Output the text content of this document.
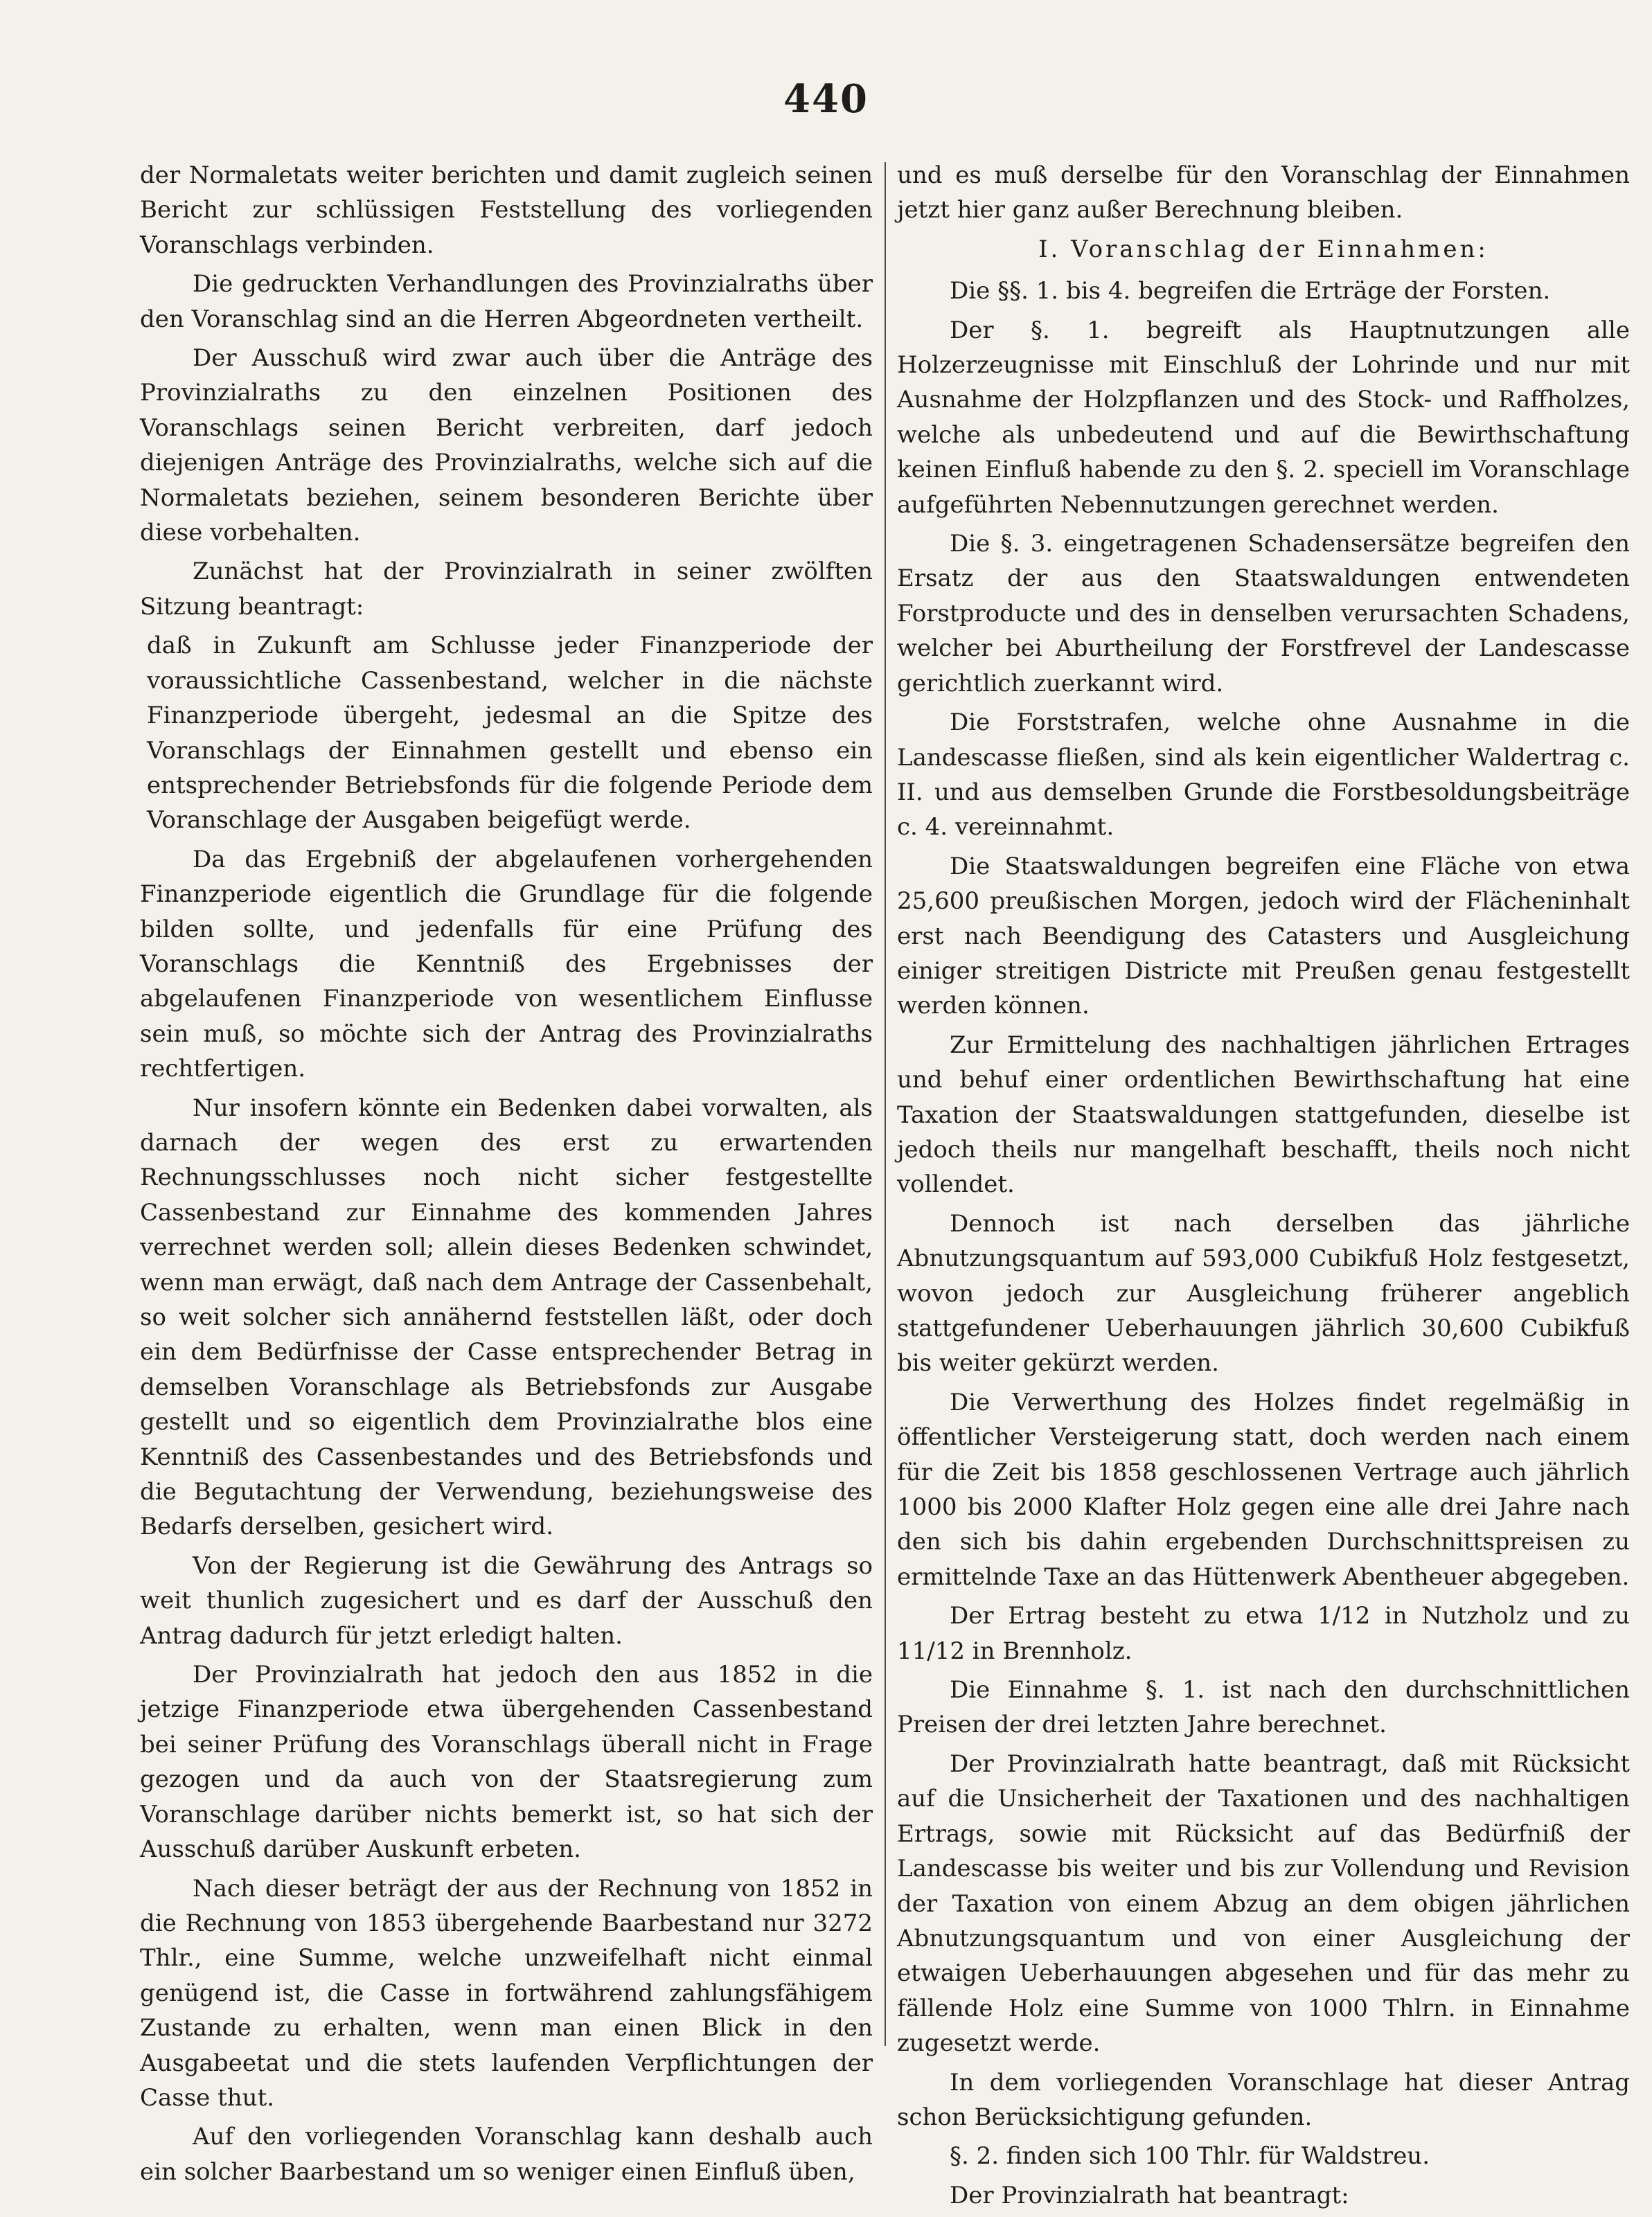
440

der Normaletats weiter berichten und damit zugleich seinen Bericht zur schlüssigen Feststellung des vorliegenden Voranschlags verbinden.

Die gedruckten Verhandlungen des Provinzialraths über den Voranschlag sind an die Herren Abgeordneten vertheilt.

Der Ausschuß wird zwar auch über die Anträge des Provinzialraths zu den einzelnen Positionen des Voranschlags seinen Bericht verbreiten, darf jedoch diejenigen Anträge des Provinzialraths, welche sich auf die Normaletats beziehen, seinem besonderen Berichte über diese vorbehalten.

Zunächst hat der Provinzialrath in seiner zwölften Sitzung beantragt:

daß in Zukunft am Schlusse jeder Finanzperiode der voraussichtliche Cassenbestand, welcher in die nächste Finanzperiode übergeht, jedesmal an die Spitze des Voranschlags der Einnahmen gestellt und ebenso ein entsprechender Betriebsfonds für die folgende Periode dem Voranschlage der Ausgaben beigefügt werde.

Da das Ergebniß der abgelaufenen vorhergehenden Finanzperiode eigentlich die Grundlage für die folgende bilden sollte, und jedenfalls für eine Prüfung des Voranschlags die Kenntniß des Ergebnisses der abgelaufenen Finanzperiode von wesentlichem Einflusse sein muß, so möchte sich der Antrag des Provinzialraths rechtfertigen.

Nur insofern könnte ein Bedenken dabei vorwalten, als darnach der wegen des erst zu erwartenden Rechnungsschlusses noch nicht sicher festgestellte Cassenbestand zur Einnahme des kommenden Jahres verrechnet werden soll; allein dieses Bedenken schwindet, wenn man erwägt, daß nach dem Antrage der Cassenbehalt, so weit solcher sich annähernd feststellen läßt, oder doch ein dem Bedürfnisse der Casse entsprechender Betrag in demselben Voranschlage als Betriebsfonds zur Ausgabe gestellt und so eigentlich dem Provinzialrathe blos eine Kenntniß des Cassenbestandes und des Betriebsfonds und die Begutachtung der Verwendung, beziehungsweise des Bedarfs derselben, gesichert wird.

Von der Regierung ist die Gewährung des Antrags so weit thunlich zugesichert und es darf der Ausschuß den Antrag dadurch für jetzt erledigt halten.

Der Provinzialrath hat jedoch den aus 1852 in die jetzige Finanzperiode etwa übergehenden Cassenbestand bei seiner Prüfung des Voranschlags überall nicht in Frage gezogen und da auch von der Staatsregierung zum Voranschlage darüber nichts bemerkt ist, so hat sich der Ausschuß darüber Auskunft erbeten.

Nach dieser beträgt der aus der Rechnung von 1852 in die Rechnung von 1853 übergehende Baarbestand nur 3272 Thlr., eine Summe, welche unzweifelhaft nicht einmal genügend ist, die Casse in fortwährend zahlungsfähigem Zustande zu erhalten, wenn man einen Blick in den Ausgabeetat und die stets laufenden Verpflichtungen der Casse thut.

Auf den vorliegenden Voranschlag kann deshalb auch ein solcher Baarbestand um so weniger einen Einfluß üben,

und es muß derselbe für den Voranschlag der Einnahmen jetzt hier ganz außer Berechnung bleiben.

I. Voranschlag der Einnahmen:

Die §§. 1. bis 4. begreifen die Erträge der Forsten.

Der §. 1. begreift als Hauptnutzungen alle Holzerzeugnisse mit Einschluß der Lohrinde und nur mit Ausnahme der Holzpflanzen und des Stock- und Raffholzes, welche als unbedeutend und auf die Bewirthschaftung keinen Einfluß habende zu den §. 2. speciell im Voranschlage aufgeführten Nebennutzungen gerechnet werden.

Die §. 3. eingetragenen Schadensersätze begreifen den Ersatz der aus den Staatswaldungen entwendeten Forstproducte und des in denselben verursachten Schadens, welcher bei Aburtheilung der Forstfrevel der Landescasse gerichtlich zuerkannt wird.

Die Forststrafen, welche ohne Ausnahme in die Landescasse fließen, sind als kein eigentlicher Waldertrag c. II. und aus demselben Grunde die Forstbesoldungsbeiträge c. 4. vereinnahmt.

Die Staatswaldungen begreifen eine Fläche von etwa 25,600 preußischen Morgen, jedoch wird der Flächeninhalt erst nach Beendigung des Catasters und Ausgleichung einiger streitigen Districte mit Preußen genau festgestellt werden können.

Zur Ermittelung des nachhaltigen jährlichen Ertrages und behuf einer ordentlichen Bewirthschaftung hat eine Taxation der Staatswaldungen stattgefunden, dieselbe ist jedoch theils nur mangelhaft beschafft, theils noch nicht vollendet.

Dennoch ist nach derselben das jährliche Abnutzungsquantum auf 593,000 Cubikfuß Holz festgesetzt, wovon jedoch zur Ausgleichung früherer angeblich stattgefundener Ueberhauungen jährlich 30,600 Cubikfuß bis weiter gekürzt werden.

Die Verwerthung des Holzes findet regelmäßig in öffentlicher Versteigerung statt, doch werden nach einem für die Zeit bis 1858 geschlossenen Vertrage auch jährlich 1000 bis 2000 Klafter Holz gegen eine alle drei Jahre nach den sich bis dahin ergebenden Durchschnittspreisen zu ermittelnde Taxe an das Hüttenwerk Abentheuer abgegeben.

Der Ertrag besteht zu etwa 1/12 in Nutzholz und zu 11/12 in Brennholz.

Die Einnahme §. 1. ist nach den durchschnittlichen Preisen der drei letzten Jahre berechnet.

Der Provinzialrath hatte beantragt, daß mit Rücksicht auf die Unsicherheit der Taxationen und des nachhaltigen Ertrags, sowie mit Rücksicht auf das Bedürfniß der Landescasse bis weiter und bis zur Vollendung und Revision der Taxation von einem Abzug an dem obigen jährlichen Abnutzungsquantum und von einer Ausgleichung der etwaigen Ueberhauungen abgesehen und für das mehr zu fällende Holz eine Summe von 1000 Thlrn. in Einnahme zugesetzt werde.

In dem vorliegenden Voranschlage hat dieser Antrag schon Berücksichtigung gefunden.

§. 2. finden sich 100 Thlr. für Waldstreu.

Der Provinzialrath hat beantragt:
